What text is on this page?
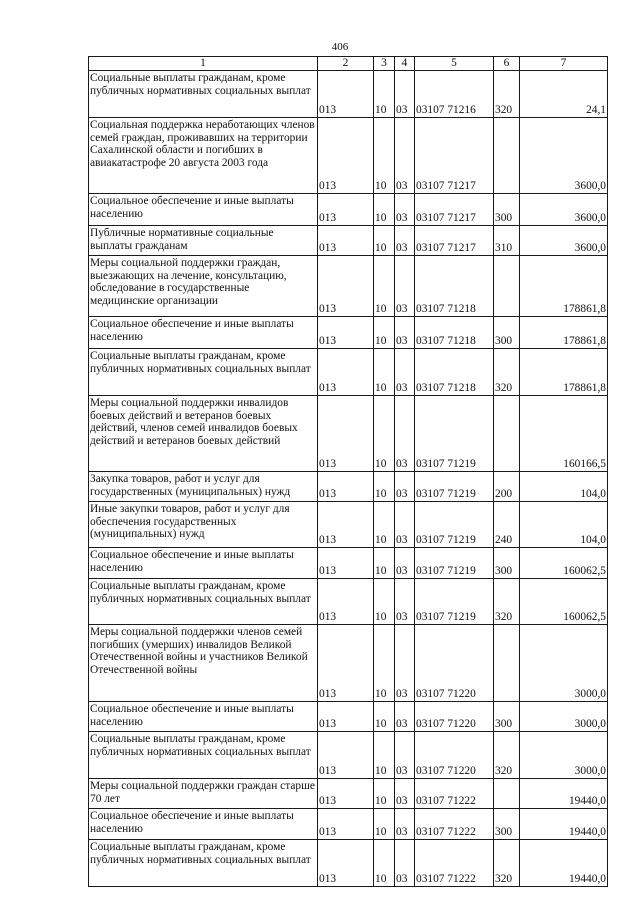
406
1	2	3	4	5	6	7
Социальные выплаты гражданам, кроме публичных нормативных социальных выплат	013	10	03	03107 71216	320	24,1
Социальная поддержка неработающих членов семей граждан, проживавших на территории Сахалинской области и погибших в авиакатастрофе 20 августа 2003 года	013	10	03	03107 71217		3600,0
Социальное обеспечение и иные выплаты населению	013	10	03	03107 71217	300	3600,0
Публичные нормативные социальные выплаты гражданам	013	10	03	03107 71217	310	3600,0
Меры социальной поддержки граждан, выезжающих на лечение, консультацию, обследование в государственные медицинские организации	013	10	03	03107 71218		178861,8
Социальное обеспечение и иные выплаты населению	013	10	03	03107 71218	300	178861,8
Социальные выплаты гражданам, кроме публичных нормативных социальных выплат	013	10	03	03107 71218	320	178861,8
Меры социальной поддержки инвалидов боевых действий и ветеранов боевых действий, членов семей инвалидов боевых действий и ветеранов боевых действий	013	10	03	03107 71219		160166,5
Закупка товаров, работ и услуг для государственных (муниципальных) нужд	013	10	03	03107 71219	200	104,0
Иные закупки товаров, работ и услуг для обеспечения государственных (муниципальных) нужд	013	10	03	03107 71219	240	104,0
Социальное обеспечение и иные выплаты населению	013	10	03	03107 71219	300	160062,5
Социальные выплаты гражданам, кроме публичных нормативных социальных выплат	013	10	03	03107 71219	320	160062,5
Меры социальной поддержки членов семей погибших (умерших) инвалидов Великой Отечественной войны и участников Великой Отечественной войны	013	10	03	03107 71220		3000,0
Социальное обеспечение и иные выплаты населению	013	10	03	03107 71220	300	3000,0
Социальные выплаты гражданам, кроме публичных нормативных социальных выплат	013	10	03	03107 71220	320	3000,0
Меры социальной поддержки граждан старше 70 лет	013	10	03	03107 71222		19440,0
Социальное обеспечение и иные выплаты населению	013	10	03	03107 71222	300	19440,0
Социальные выплаты гражданам, кроме публичных нормативных социальных выплат	013	10	03	03107 71222	320	19440,0
